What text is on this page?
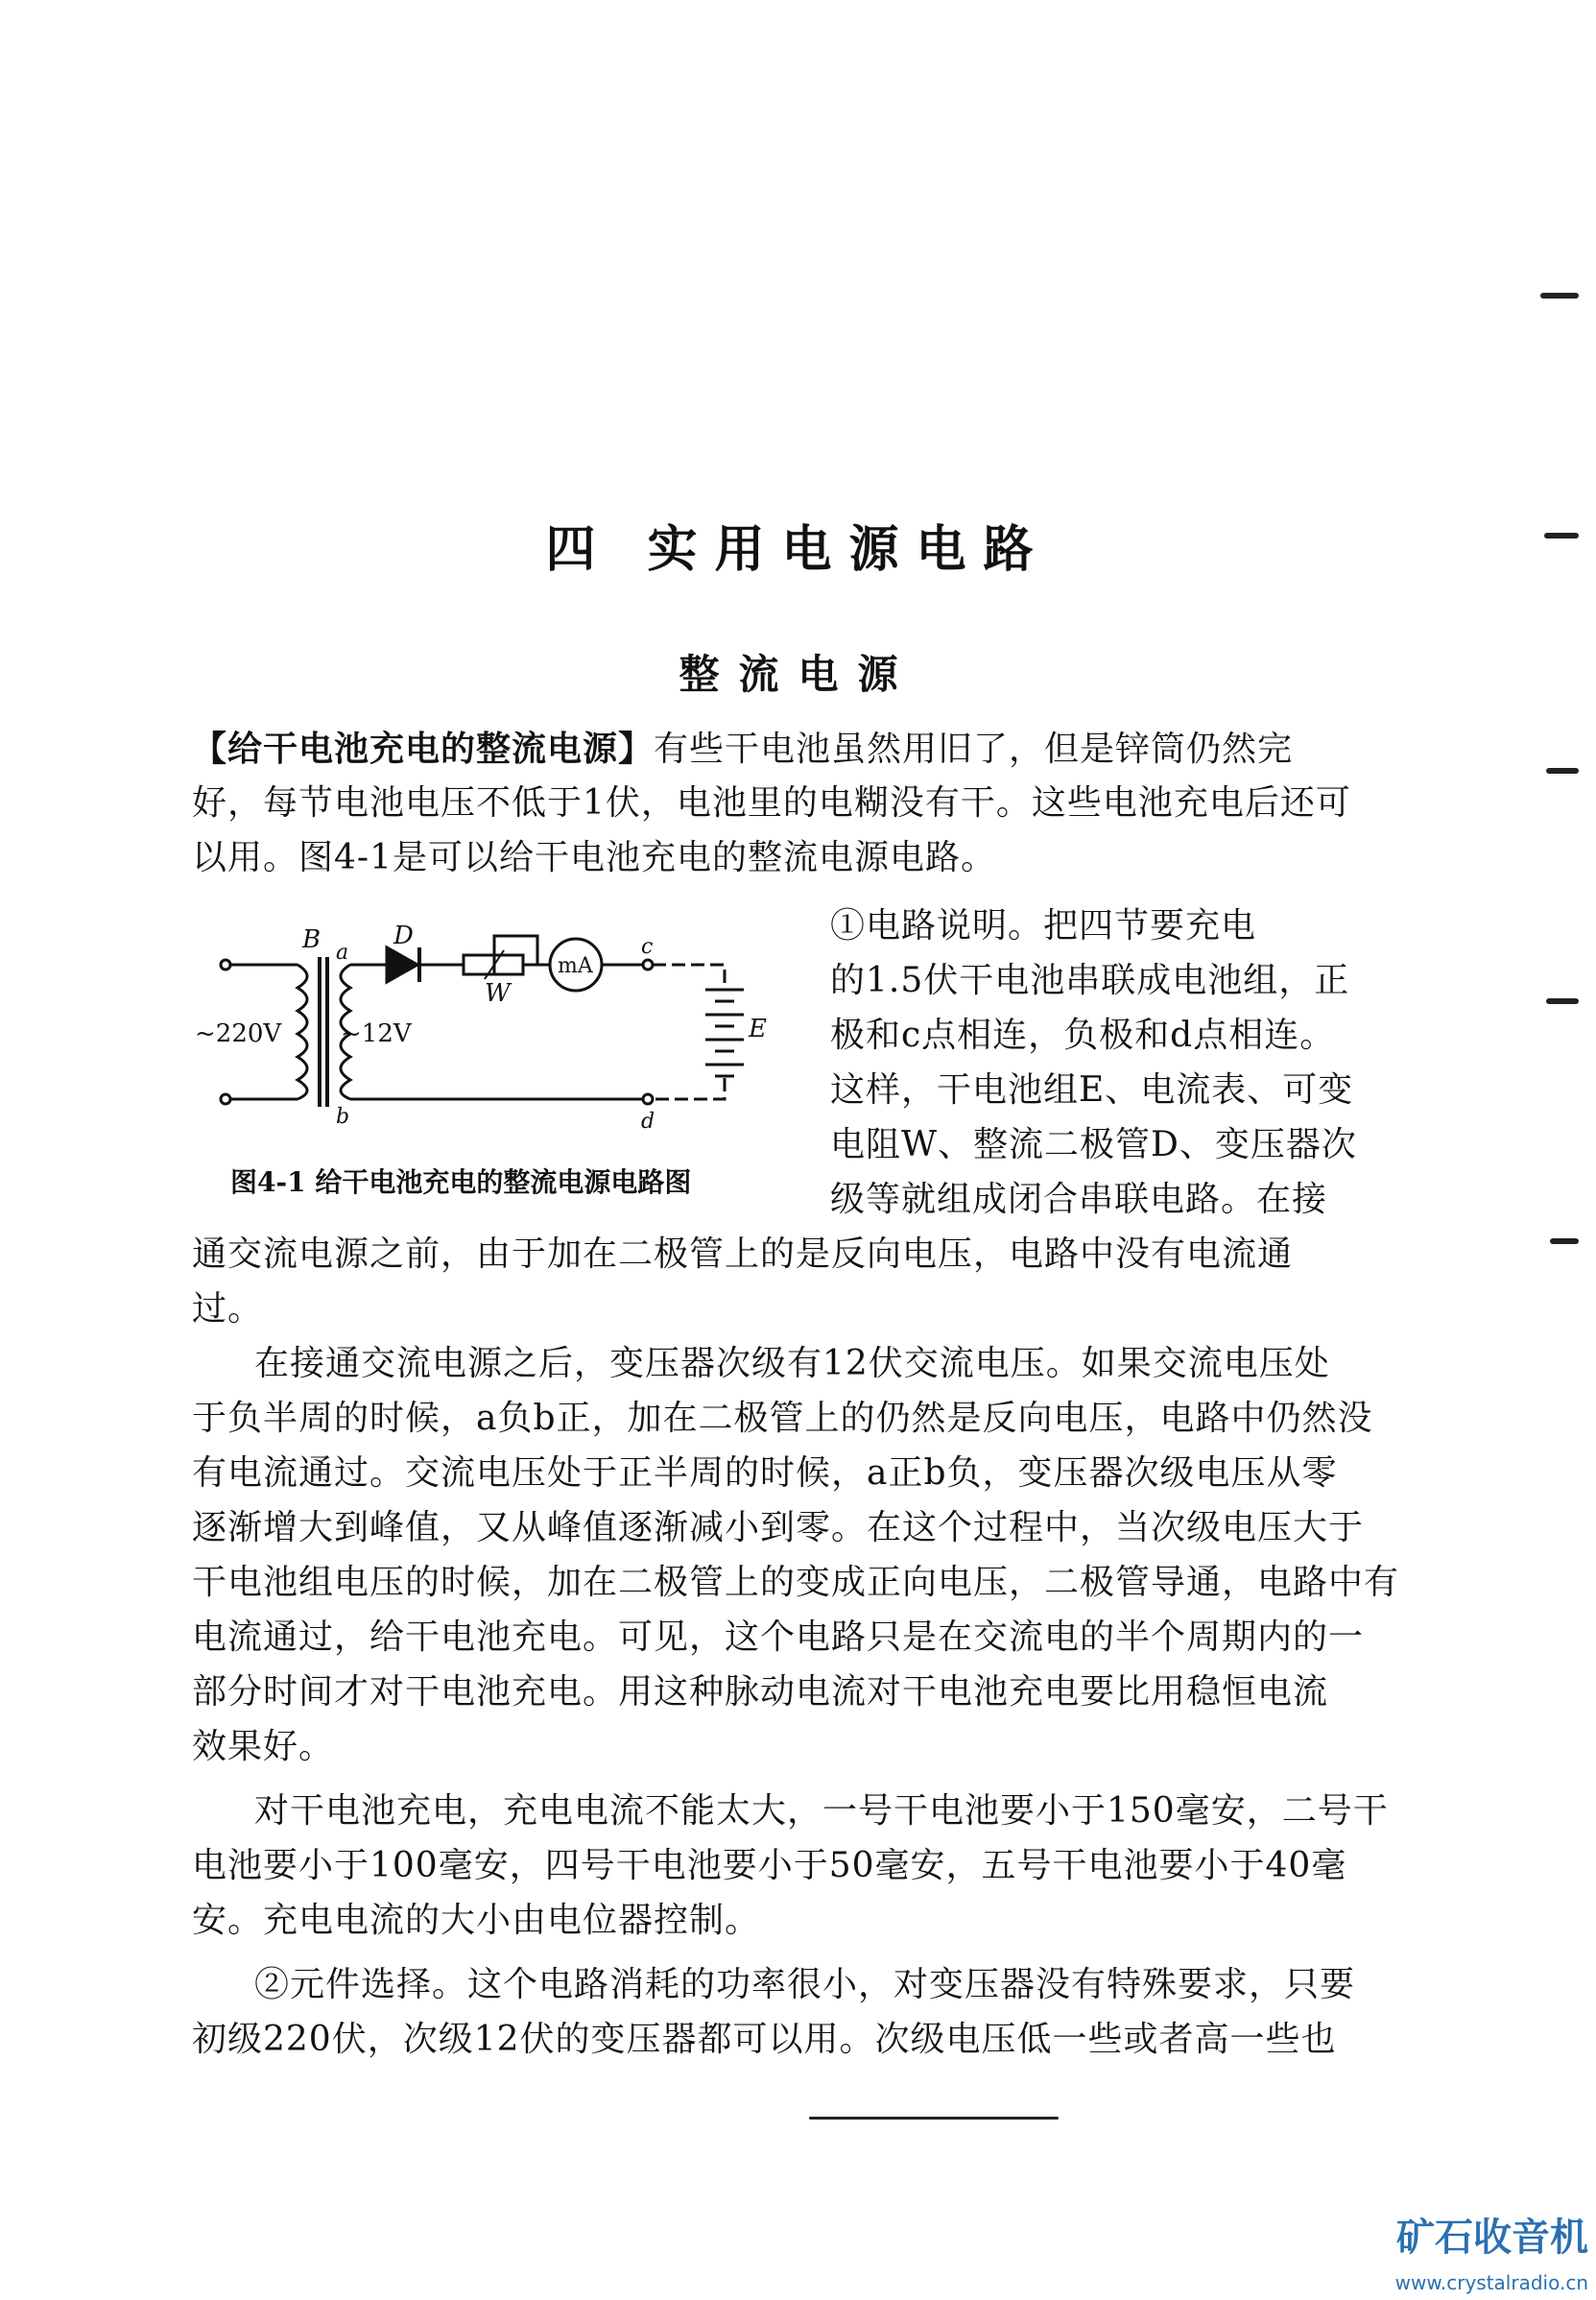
四 实用电源电路
整流电源
【给干电池充电的整流电源】有些干电池虽然用旧了，但是锌筒仍然完
好，每节电池电压不低于1伏，电池里的电糊没有干。这些电池充电后还可
以用。图4-1是可以给干电池充电的整流电源电路。
~220V ~12V
B a
b
D
W
mA
c
d
E
图4-1 给干电池充电的整流电源电路图
①电路说明。把四节要充电
的1.5伏干电池串联成电池组，正
极和c点相连，负极和d点相连。
这样，干电池组E、电流表、可变
电阻W、整流二极管D、变压器次
级等就组成闭合串联电路。在接
通交流电源之前，由于加在二极管上的是反向电压，电路中没有电流通
过。
在接通交流电源之后，变压器次级有12伏交流电压。如果交流电压处
于负半周的时候，a负b正，加在二极管上的仍然是反向电压，电路中仍然没
有电流通过。交流电压处于正半周的时候，a正b负，变压器次级电压从零
逐渐增大到峰值，又从峰值逐渐减小到零。在这个过程中，当次级电压大于
干电池组电压的时候，加在二极管上的变成正向电压，二极管导通，电路中有
电流通过，给干电池充电。可见，这个电路只是在交流电的半个周期内的一
部分时间才对干电池充电。用这种脉动电流对干电池充电要比用稳恒电流
效果好。
对干电池充电，充电电流不能太大，一号干电池要小于150毫安，二号干
电池要小于100毫安，四号干电池要小于50毫安，五号干电池要小于40毫
安。充电电流的大小由电位器控制。
②元件选择。这个电路消耗的功率很小，对变压器没有特殊要求，只要
初级220伏，次级12伏的变压器都可以用。次级电压低一些或者高一些也
矿石收音机
www.crystalradio.cn
